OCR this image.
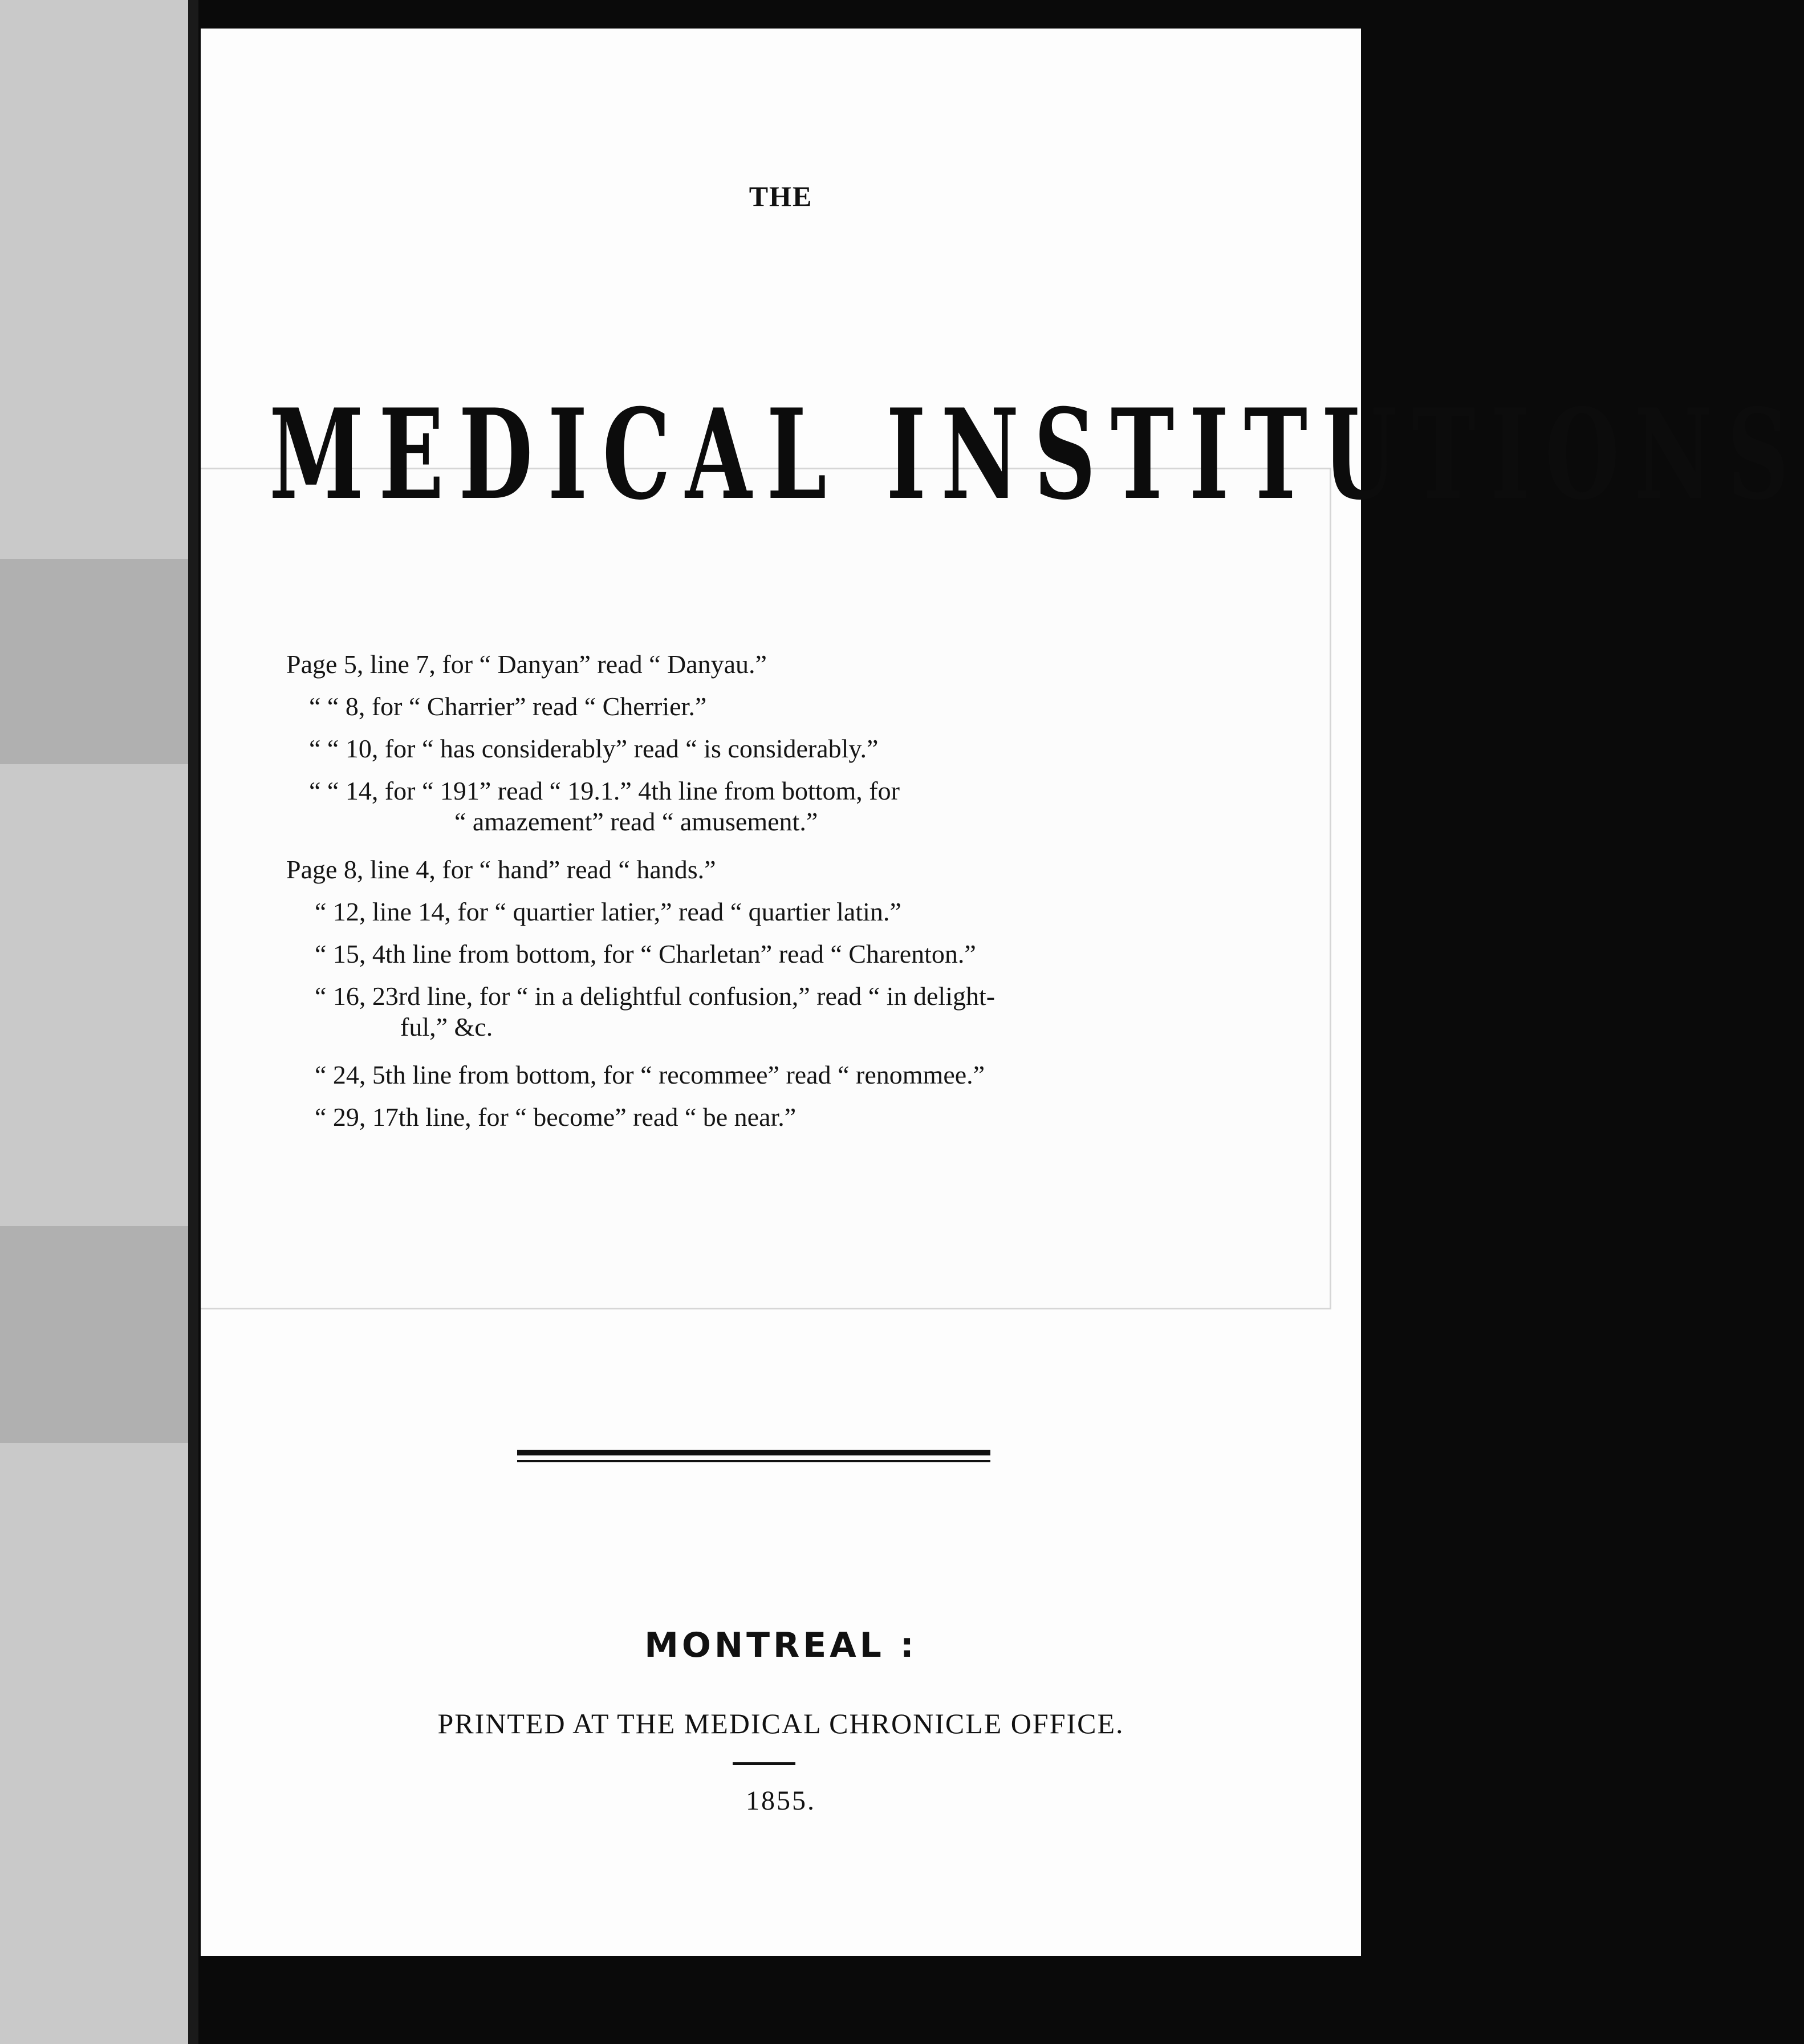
THE
MEDICAL INSTITUTIONS
Page 5, line 7, for “ Danyan” read “ Danyau.”
“ “ 8, for “ Charrier” read “ Cherrier.”
“ “ 10, for “ has considerably” read “ is considerably.”
“ “ 14, for “ 191” read “ 19.1.” 4th line from bottom, for
“ amazement” read “ amusement.”
Page 8, line 4, for “ hand” read “ hands.”
“ 12, line 14, for “ quartier latier,” read “ quartier latin.”
“ 15, 4th line from bottom, for “ Charletan” read “ Charenton.”
“ 16, 23rd line, for “ in a delightful confusion,” read “ in delight-
ful,” &c.
“ 24, 5th line from bottom, for “ recommee” read “ renommee.”
“ 29, 17th line, for “ become” read “ be near.”
MONTREAL :
PRINTED AT THE MEDICAL CHRONICLE OFFICE.
1855.
